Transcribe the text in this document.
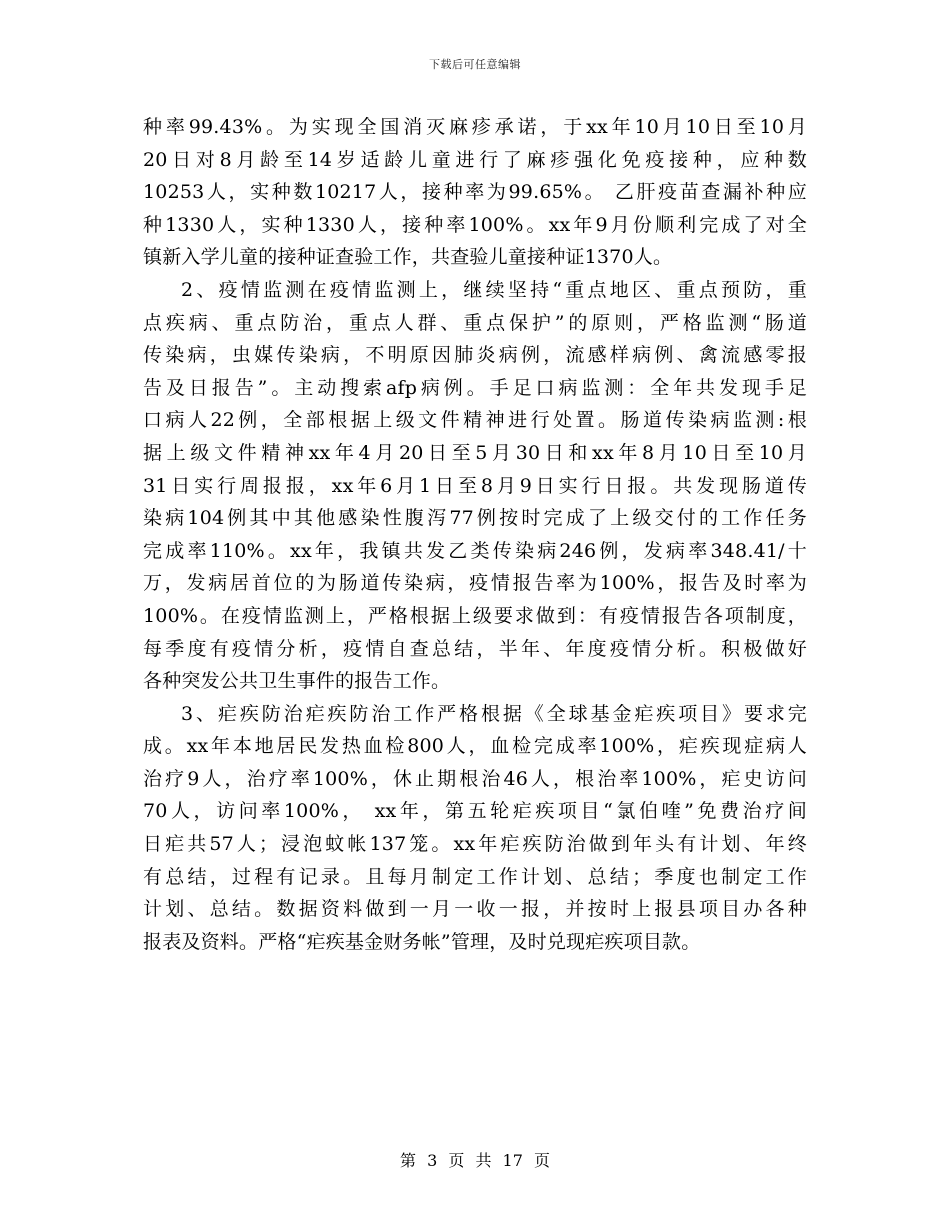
下载后可任意编辑
种率99.43%。为实现全国消灭麻疹承诺，于xx年10月10日至10月
20日对8月龄至14岁适龄儿童进行了麻疹强化免疫接种，应种数
10253人，实种数10217人，接种率为99.65%。 乙肝疫苗查漏补种应
种1330人，实种1330人，接种率100%。xx年9月份顺利完成了对全
镇新入学儿童的接种证查验工作，共查验儿童接种证1370人。
2、疫情监测在疫情监测上，继续坚持“重点地区、重点预防，重
点疾病、重点防治，重点人群、重点保护”的原则，严格监测“肠道
传染病，虫媒传染病，不明原因肺炎病例，流感样病例、禽流感零报
告及日报告”。主动搜索afp病例。手足口病监测：全年共发现手足
口病人22例，全部根据上级文件精神进行处置。肠道传染病监测:根
据上级文件精神xx年4月20日至5月30日和xx年8月10日至10月
31日实行周报报，xx年6月1日至8月9日实行日报。共发现肠道传
染病104例其中其他感染性腹泻77例按时完成了上级交付的工作任务
完成率110%。xx年，我镇共发乙类传染病246例，发病率348.41/十
万，发病居首位的为肠道传染病，疫情报告率为100%，报告及时率为
100%。在疫情监测上，严格根据上级要求做到：有疫情报告各项制度，
每季度有疫情分析，疫情自查总结，半年、年度疫情分析。积极做好
各种突发公共卫生事件的报告工作。
3、疟疾防治疟疾防治工作严格根据《全球基金疟疾项目》要求完
成。xx年本地居民发热血检800人，血检完成率100%，疟疾现症病人
治疗9人，治疗率100%，休止期根治46人，根治率100%，疟史访问
70人，访问率100%， xx年，第五轮疟疾项目“氯伯喹”免费治疗间
日疟共57人；浸泡蚊帐137笼。xx年疟疾防治做到年头有计划、年终
有总结，过程有记录。且每月制定工作计划、总结；季度也制定工作
计划、总结。数据资料做到一月一收一报，并按时上报县项目办各种
报表及资料。严格“疟疾基金财务帐”管理，及时兑现疟疾项目款。
第 3 页 共 17 页
